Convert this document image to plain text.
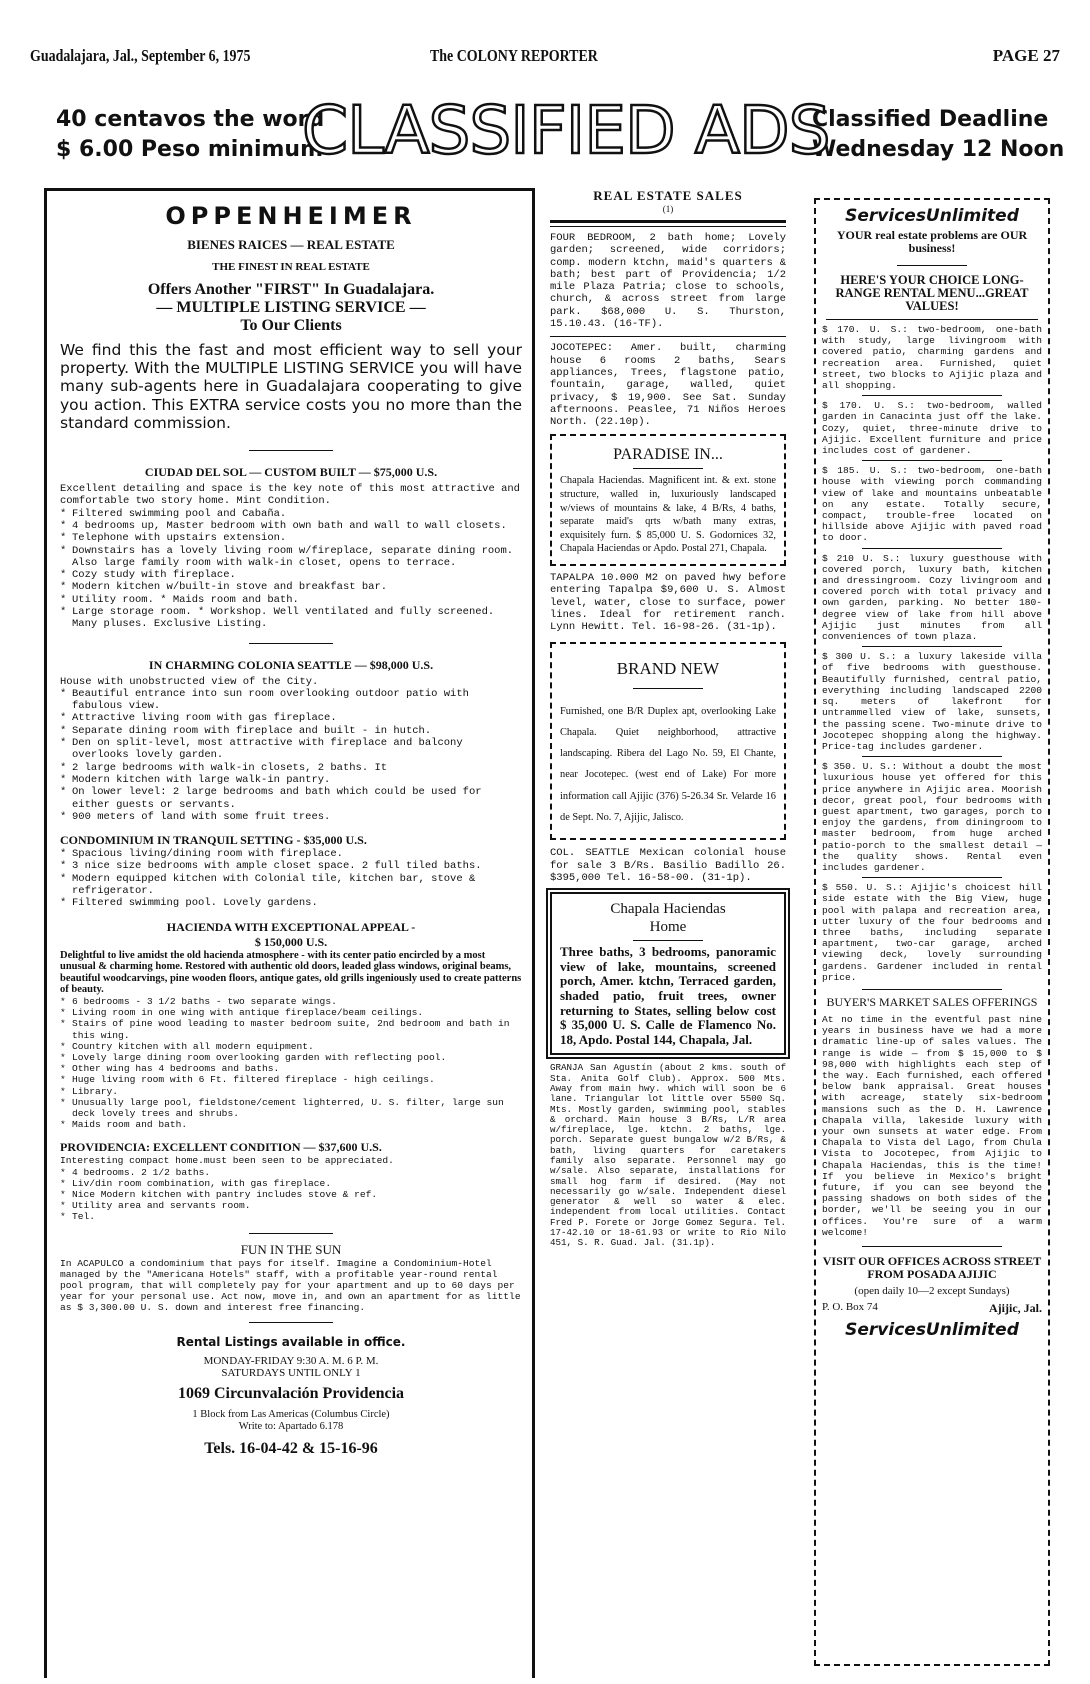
Guadalajara, Jal., September 6, 1975	The COLONY REPORTER	PAGE 27
40 centavos the word	Classified Deadline
$ 6.00 Peso minimum	Wednesday 12 Noon
CLASSIFIED ADS
OPPENHEIMER
BIENES RAICES — REAL ESTATE
THE FINEST IN REAL ESTATE
Offers Another "FIRST" In Guadalajara.
— MULTIPLE LISTING SERVICE —
To Our Clients
We find this the fast and most efficient way to sell your property. With the MULTIPLE LISTING SERVICE you will have many sub-agents here in Guadalajara cooperating to give you action. This EXTRA service costs you no more than the standard commission.
CIUDAD DEL SOL — CUSTOM BUILT — $75,000 U.S.
Excellent detailing and space is the key note of this most attractive and comfortable two story home. Mint Condition.
* Filtered swimming pool and Cabaña.
* 4 bedrooms up, Master bedroom with own bath and wall to wall closets.
* Telephone with upstairs extension.
* Downstairs has a lovely living room w/fireplace, separate dining room. Also large family room with walk-in closet, opens to terrace.
* Cozy study with fireplace.
* Modern kitchen w/built-in stove and breakfast bar.
* Utility room. * Maids room and bath.
* Large storage room. * Workshop. Well ventilated and fully screened. Many pluses. Exclusive Listing.
IN CHARMING COLONIA SEATTLE — $98,000 U.S.
House with unobstructed view of the City.
* Beautiful entrance into sun room overlooking outdoor patio with fabulous view.
* Attractive living room with gas fireplace.
* Separate dining room with fireplace and built - in hutch.
* Den on split-level, most attractive with fireplace and balcony overlooks lovely garden.
* 2 large bedrooms with walk-in closets, 2 baths. It
* Modern kitchen with large walk-in pantry.
* On lower level: 2 large bedrooms and bath which could be used for either guests or servants.
* 900 meters of land with some fruit trees.
CONDOMINIUM IN TRANQUIL SETTING - $35,000 U.S.
* Spacious living/dining room with fireplace.
* 3 nice size bedrooms with ample closet space. 2 full tiled baths.
* Modern equipped kitchen with Colonial tile, kitchen bar, stove & refrigerator.
* Filtered swimming pool. Lovely gardens.
HACIENDA WITH EXCEPTIONAL APPEAL -
$ 150,000 U.S.
Delightful to live amidst the old hacienda atmosphere - with its center patio encircled by a most unusual & charming home. Restored with authentic old doors, leaded glass windows, original beams, beautiful woodcarvings, pine wooden floors, antique gates, old grills ingeniously used to create patterns of beauty.
* 6 bedrooms - 3 1/2 baths - two separate wings.
* Living room in one wing with antique fireplace/beam ceilings.
* Stairs of pine wood leading to master bedroom suite, 2nd bedroom and bath in this wing.
* Country kitchen with all modern equipment.
* Lovely large dining room overlooking garden with reflecting pool.
* Other wing has 4 bedrooms and baths.
* Huge living room with 6 Ft. filtered fireplace - high ceilings.
* Library.
* Unusually large pool, fieldstone/cement lighterred, U. S. filter, large sun deck lovely trees and shrubs.
* Maids room and bath.
PROVIDENCIA: EXCELLENT CONDITION — $37,600 U.S.
Interesting compact home.must been seen to be appreciated.
* 4 bedrooms. 2 1/2 baths.
* Liv/din room combination, with gas fireplace.
* Nice Modern kitchen with pantry includes stove & ref.
* Utility area and servants room.
* Tel.
FUN IN THE SUN
In ACAPULCO a condominium that pays for itself. Imagine a Condominium-Hotel managed by the "Americana Hotels" staff, with a profitable year-round rental pool program, that will completely pay for your apartment and up to 60 days per year for your personal use. Act now, move in, and own an apartment for as little as $ 3,300.00 U. S. down and interest free financing.
Rental Listings available in office.
MONDAY-FRIDAY 9:30 A. M. 6 P. M.
SATURDAYS UNTIL ONLY 1
1069 Circunvalación Providencia
1 Block from Las Americas (Columbus Circle)
Write to: Apartado 6.178
Tels. 16-04-42 & 15-16-96
REAL ESTATE SALES
(1)
FOUR BEDROOM, 2 bath home; Lovely garden; screened, wide corridors; comp. modern ktchn, maid's quarters & bath; best part of Providencia; 1/2 mile Plaza Patria; close to schools, church, & across street from large park. $68,000 U. S. Thurston, 15.10.43. (16-TF).
JOCOTEPEC: Amer. built, charming house 6 rooms 2 baths, Sears appliances, Trees, flagstone patio, fountain, garage, walled, quiet privacy, $ 19,900. See Sat. Sunday afternoons. Peaslee, 71 Niños Heroes North. (22.10p).
PARADISE IN...
Chapala Haciendas. Magnificent int. & ext. stone structure, walled in, luxuriously landscaped w/views of mountains & lake, 4 B/Rs, 4 baths, separate maid's qrts w/bath many extras, exquisitely furn. $ 85,000 U. S. Godornices 32, Chapala Haciendas or Apdo. Postal 271, Chapala.
TAPALPA 10.000 M2 on paved hwy before entering Tapalpa $9,600 U. S. Almost level, water, close to surface, power lines. Ideal for retirement ranch. Lynn Hewitt. Tel. 16-98-26. (31-1p).
BRAND NEW
Furnished, one B/R Duplex apt, overlooking Lake Chapala. Quiet neighborhood, attractive landscaping. Ribera del Lago No. 59, El Chante, near Jocotepec. (west end of Lake) For more information call Ajijic (376) 5-26.34 Sr. Velarde 16 de Sept. No. 7, Ajijic, Jalisco.
COL. SEATTLE Mexican colonial house for sale 3 B/Rs. Basilio Badillo 26. $395,000 Tel. 16-58-00. (31-1p).
Chapala Haciendas
Home
Three baths, 3 bedrooms, panoramic view of lake, mountains, screened porch, Amer. ktchn, Terraced garden, shaded patio, fruit trees, owner returning to States, selling below cost $ 35,000 U. S. Calle de Flamenco No. 18, Apdo. Postal 144, Chapala, Jal.
GRANJA San Agustín (about 2 kms. south of Sta. Anita Golf Club). Approx. 500 Mts. Away from main hwy. which will soon be 6 lane. Triangular lot little over 5500 Sq. Mts. Mostly garden, swimming pool, stables & orchard. Main house 3 B/Rs, L/R area w/fireplace, lge. ktchn. 2 baths, lge. porch. Separate guest bungalow w/2 B/Rs, & bath, living quarters for caretakers family also separate. Personnel may go w/sale. Also separate, installations for small hog farm if desired. (May not necessarily go w/sale. Independent diesel generator & well so water & elec. independent from local utilities. Contact Fred P. Forete or Jorge Gomez Segura. Tel. 17-42.10 or 18-61.93 or write to Rio Nilo 451, S. R. Guad. Jal. (31.1p).
ServicesUnlimited
YOUR real estate problems are OUR business!
HERE'S YOUR CHOICE LONG-RANGE RENTAL MENU...GREAT VALUES!
$ 170. U. S.: two-bedroom, one-bath with study, large livingroom with covered patio, charming gardens and recreation area. Furnished, quiet street, two blocks to Ajijic plaza and all shopping.
$ 170. U. S.: two-bedroom, walled garden in Canacinta just off the lake. Cozy, quiet, three-minute drive to Ajijic. Excellent furniture and price includes cost of gardener.
$ 185. U. S.: two-bedroom, one-bath house with viewing porch commanding view of lake and mountains unbeatable on any estate. Totally secure, compact, trouble-free located on hillside above Ajijic with paved road to door.
$ 210 U. S.: luxury guesthouse with covered porch, luxury bath, kitchen and dressingroom. Cozy livingroom and covered porch with total privacy and own garden, parking. No better 180-degree view of lake from hill above Ajijic just minutes from all conveniences of town plaza.
$ 300 U. S.: a luxury lakeside villa of five bedrooms with guesthouse. Beautifully furnished, central patio, everything including landscaped 2200 sq. meters of lakefront for untrammelled view of lake, sunsets, the passing scene. Two-minute drive to Jocotepec shopping along the highway. Price-tag includes gardener.
$ 350. U. S.: Without a doubt the most luxurious house yet offered for this price anywhere in Ajijic area. Moorish decor, great pool, four bedrooms with guest apartment, two garages, porch to enjoy the gardens, from diningroom to master bedroom, from huge arched patio-porch to the smallest detail — the quality shows. Rental even includes gardener.
$ 550. U. S.: Ajijic's choicest hill side estate with the Big View, huge pool with palapa and recreation area, utter luxury of the four bedrooms and three baths, including separate apartment, two-car garage, arched viewing deck, lovely surrounding gardens. Gardener included in rental price.
BUYER'S MARKET SALES OFFERINGS
At no time in the eventful past nine years in business have we had a more dramatic line-up of sales values. The range is wide — from $ 15,000 to $ 98,000 with highlights each step of the way. Each furnished, each offered below bank appraisal. Great houses with acreage, stately six-bedroom mansions such as the D. H. Lawrence Chapala villa, lakeside luxury with your own sunsets at water edge. From Chapala to Vista del Lago, from Chula Vista to Jocotepec, from Ajijic to Chapala Haciendas, this is the time! If you believe in Mexico's bright future, if you can see beyond the passing shadows on both sides of the border, we'll be seeing you in our offices. You're sure of a warm welcome!
VISIT OUR OFFICES ACROSS STREET FROM POSADA AJIJIC
(open daily 10—2 except Sundays)
P. O. Box 74	Ajijic, Jal.
ServicesUnlimited
